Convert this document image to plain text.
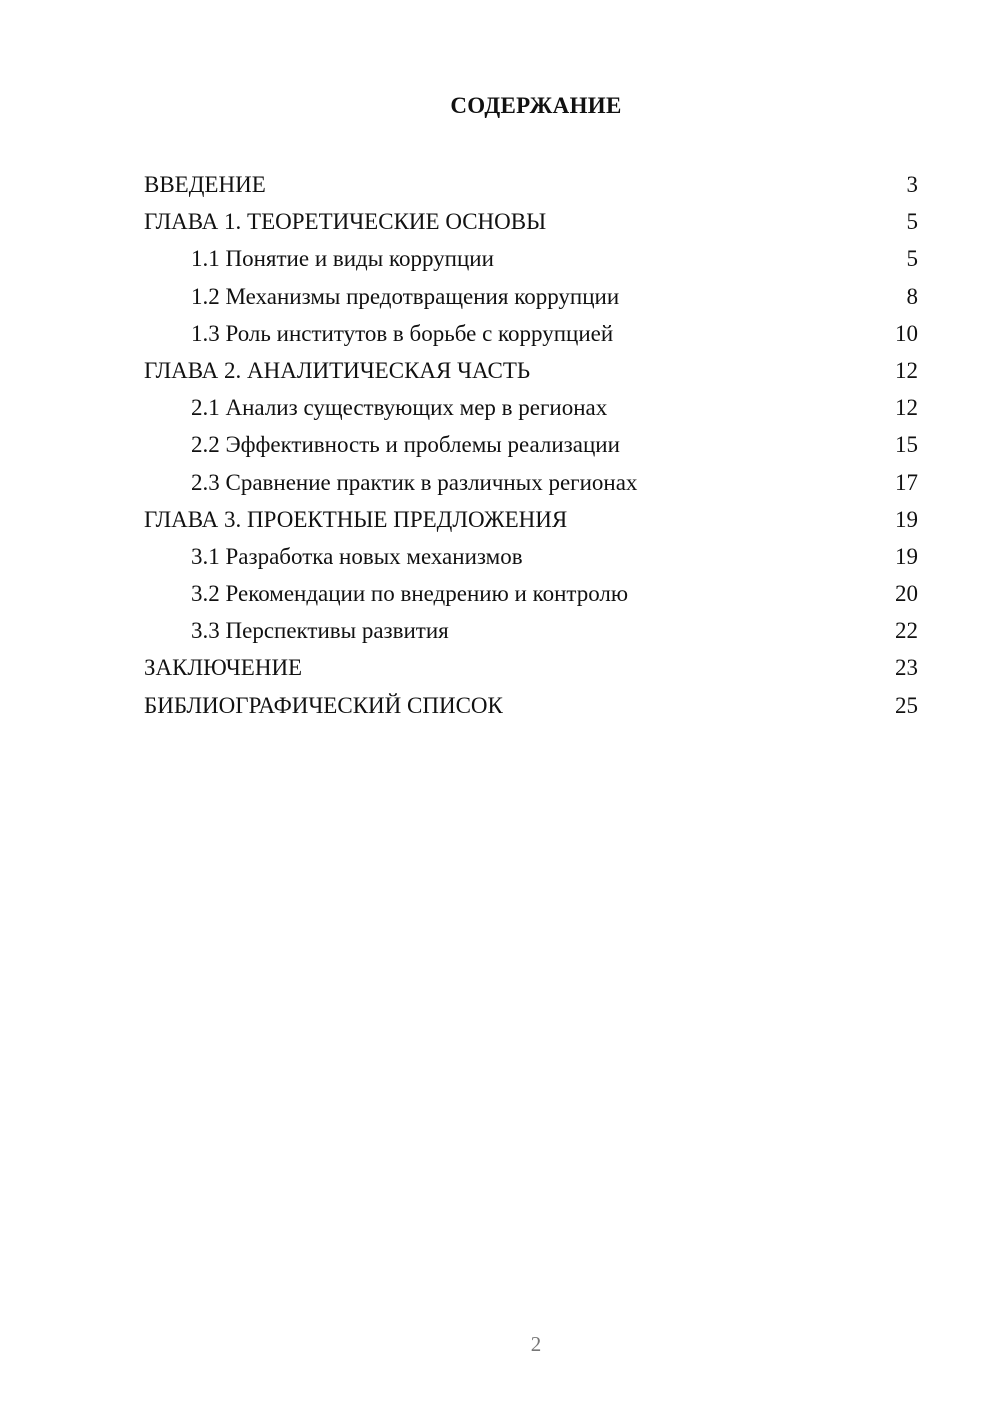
СОДЕРЖАНИЕ
ВВЕДЕНИЕ	3
ГЛАВА 1. ТЕОРЕТИЧЕСКИЕ ОСНОВЫ	5
1.1 Понятие и виды коррупции	5
1.2 Механизмы предотвращения коррупции	8
1.3 Роль институтов в борьбе с коррупцией	10
ГЛАВА 2. АНАЛИТИЧЕСКАЯ ЧАСТЬ	12
2.1 Анализ существующих мер в регионах	12
2.2 Эффективность и проблемы реализации	15
2.3 Сравнение практик в различных регионах	17
ГЛАВА 3. ПРОЕКТНЫЕ ПРЕДЛОЖЕНИЯ	19
3.1 Разработка новых механизмов	19
3.2 Рекомендации по внедрению и контролю	20
3.3 Перспективы развития	22
ЗАКЛЮЧЕНИЕ	23
БИБЛИОГРАФИЧЕСКИЙ СПИСОК	25
2
